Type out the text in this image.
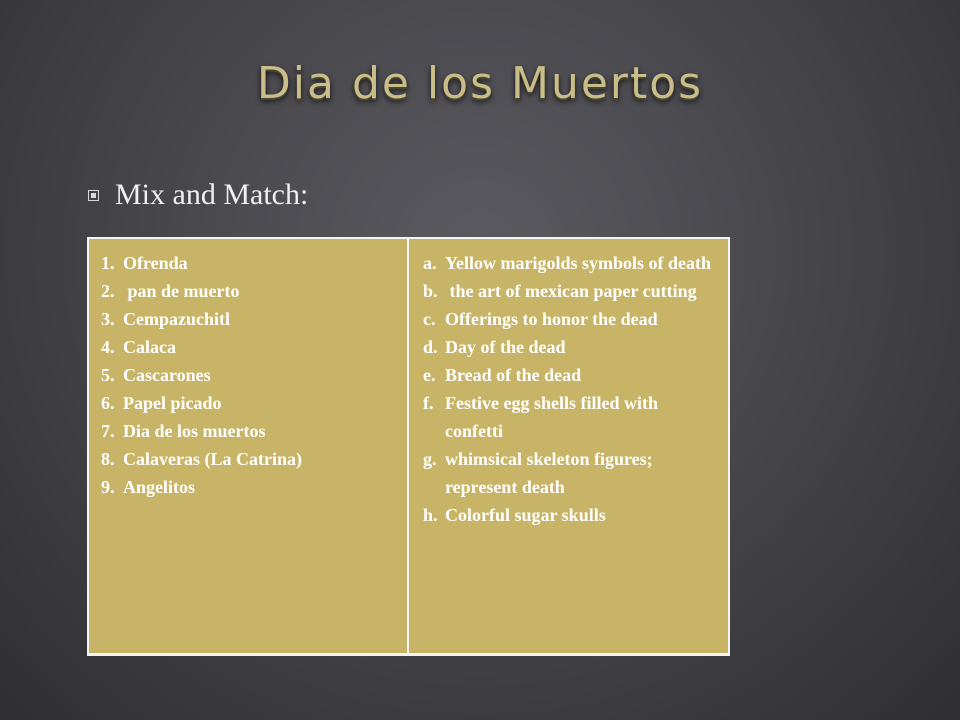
Dia de los Muertos
Mix and Match:
1. Ofrenda
2. pan de muerto
3. Cempazuchitl
4. Calaca
5. Cascarones
6. Papel picado
7. Dia de los muertos
8. Calaveras (La Catrina)
9. Angelitos
a. Yellow marigolds symbols of death
b. the art of mexican paper cutting
c. Offerings to honor the dead
d. Day of the dead
e. Bread of the dead
f. Festive egg shells filled with confetti
g. whimsical skeleton figures; represent death
h. Colorful sugar skulls
